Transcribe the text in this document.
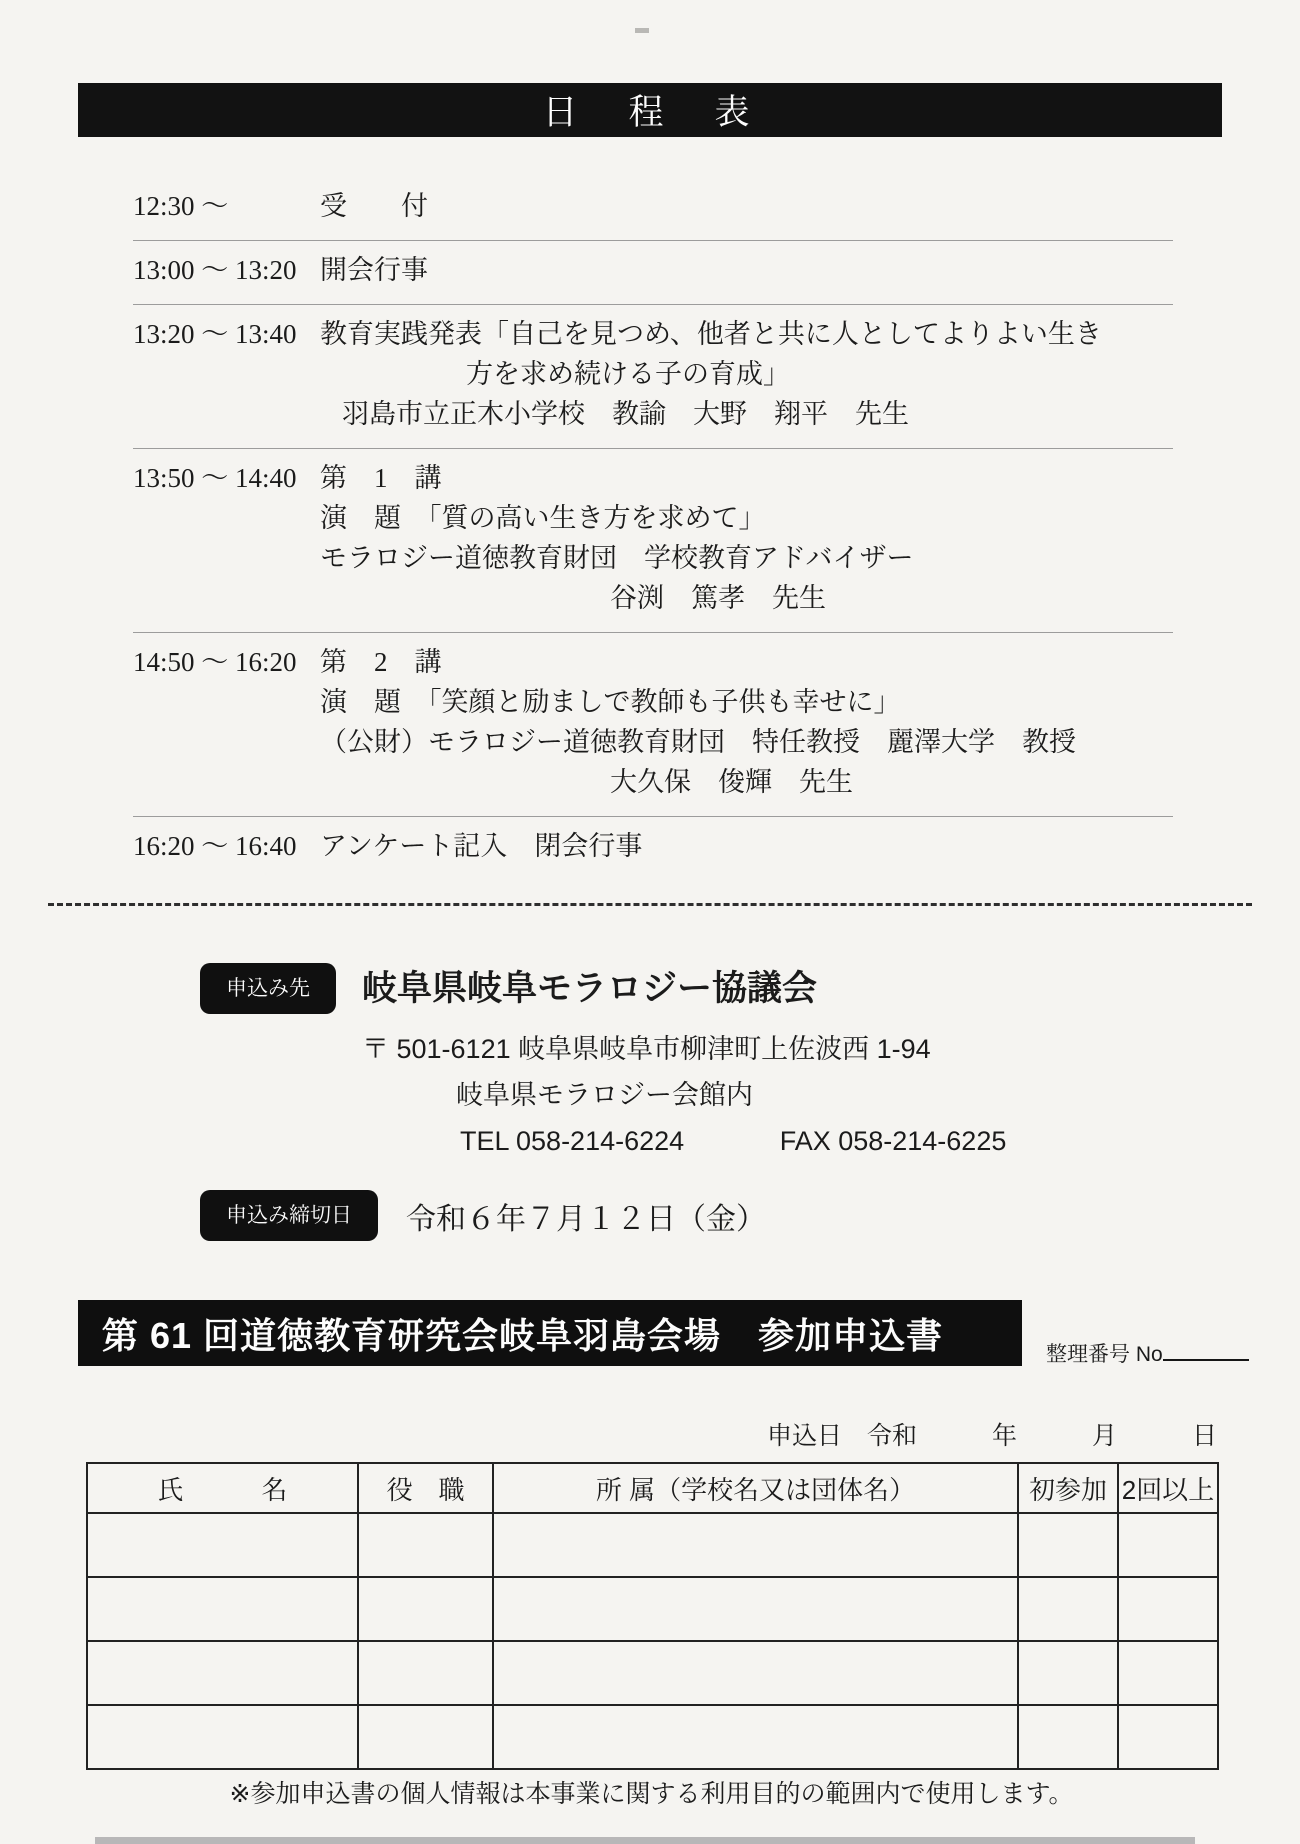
日　程　表
12:30 ～	受　　付
13:00 ～ 13:20 開会行事
13:20 ～ 13:40 教育実践発表「自己を見つめ、他者と共に人としてよりよい生き
方を求め続ける子の育成」
羽島市立正木小学校　教諭　大野　翔平　先生
13:50 ～ 14:40 第　1　講
演　題　「質の高い生き方を求めて」
モラロジー道徳教育財団　学校教育アドバイザー
谷渕　篤孝　先生
14:50 ～ 16:20 第　2　講
演　題　「笑顔と励ましで教師も子供も幸せに」
（公財）モラロジー道徳教育財団　特任教授　麗澤大学　教授
大久保　俊輝　先生
16:20 ～ 16:40 アンケート記入　閉会行事
申込み先	岐阜県岐阜モラロジー協議会
〒 501-6121 岐阜県岐阜市柳津町上佐波西 1-94
岐阜県モラロジー会館内
TEL 058-214-6224	FAX 058-214-6225
申込み締切日	令和６年７月１２日（金）
第 61 回道徳教育研究会岐阜羽島会場　参加申込書	整理番号 No
申込日　令和　　　年　　　月　　　日
氏　　　名	役　職	所 属（学校名又は団体名）	初参加	2回以上

※参加申込書の個人情報は本事業に関する利用目的の範囲内で使用します。
